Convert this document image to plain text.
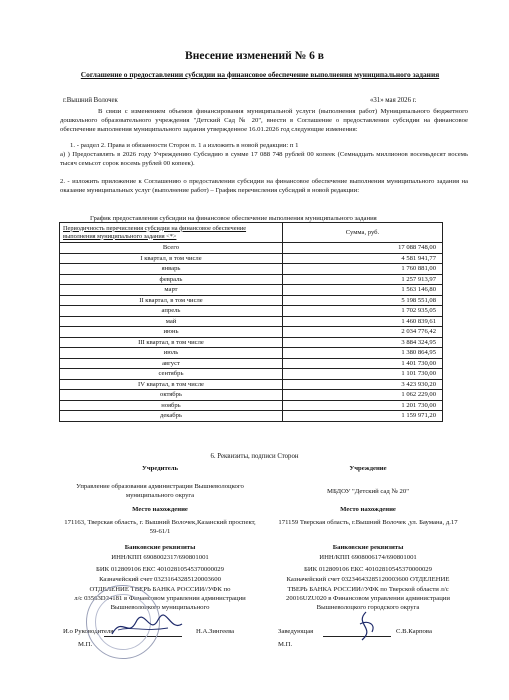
Внесение изменений № 6 в
Соглашение о предоставлении субсидии на финансовое обеспечение выполнения муниципального задания
г.Вышний Волочек	«31» мая 2026 г.
В связи с изменением объемов финансирования муниципальной услуги (выполнения работ) Муниципального бюджетного дошкольного образовательного учреждения "Детский Сад № 20", внести в Соглашение о предоставлении субсидии на финансовое обеспечение выполнения муниципального задания утвержденное 16.01.2026 год следующие изменения:
1. - раздел 2. Права и обязанности Сторон п. 1 а изложить в новой редакции: п 1
а) ) Предоставлять в 2026 году Учреждению Субсидию в сумме 17 088 748 рублей 00 копеек (Семнадцать миллионов восемьдесят восемь тысяч семьсот сорок восемь рублей 00 копеек).
2. - изложить приложение к Соглашению о предоставлении субсидии на финансовое обеспечение выполнения муниципального задания на оказание муниципальных услуг (выполнение работ) – График перечисления субсидий в новой редакции:
График предоставления субсидии на финансовое обеспечение выполнения муниципального задания
Периодичность перечисления субсидии на финансовое обеспечение выполнения муниципального задания <*>	Сумма, руб.
Всего	17 088 748,00
I квартал, в том числе	4 581 941,77
январь	1 760 881,00
февраль	1 257 913,97
март	1 563 146,80
II квартал, в том числе	5 198 551,08
апрель	1 702 935,05
май	1 460 839,61
июнь	2 034 776,42
III квартал, в том числе	3 884 324,95
июль	1 380 864,95
август	1 401 730,00
сентябрь	1 101 730,00
IV квартал, в том числе	3 423 930,20
октябрь	1 062 229,00
ноябрь	1 201 730,00
декабрь	1 159 971,20
6. Реквизиты, подписи Сторон
Учредитель
Управление образования администрации Вышневолоцкого муниципального округа
Место нахождение
171163, Тверская область, г. Вышний Волочек,Казанский проспект, 59-61/1
Банковские реквизиты
ИНН/КПП 6908002317/690801001
БИК 012809106 ЕКС 40102810545370000029
Казначейский счет 03231643285120003600
ОТДЕЛЕНИЕ ТВЕРЬ БАНКА РОССИИ//УФК по
л/с 03563D24181 в Финансовом управлении администрации Вышневолоцкого муниципального
И.о Руководителя	Н.А.Зингеева
М.П.
Учреждение
МБДОУ "Детский сад № 20"
Место нахождение
171159 Тверская область, г.Вышний Волочек ,ул. Баумана, д.17
Банковские реквизиты
ИНН/КПП 6908006174/690801001
БИК 012809106 ЕКС 40102810545370000029
Казначейский счет 03234643285120003600 ОТДЕЛЕНИЕ
ТВЕРЬ БАНКА РОССИИ//УФК по Тверской области л/с 20016UZU020 в Финансовом управлении администрации Вышневолоцкого городского округа
Заведующая	С.В.Карпова
М.П.
